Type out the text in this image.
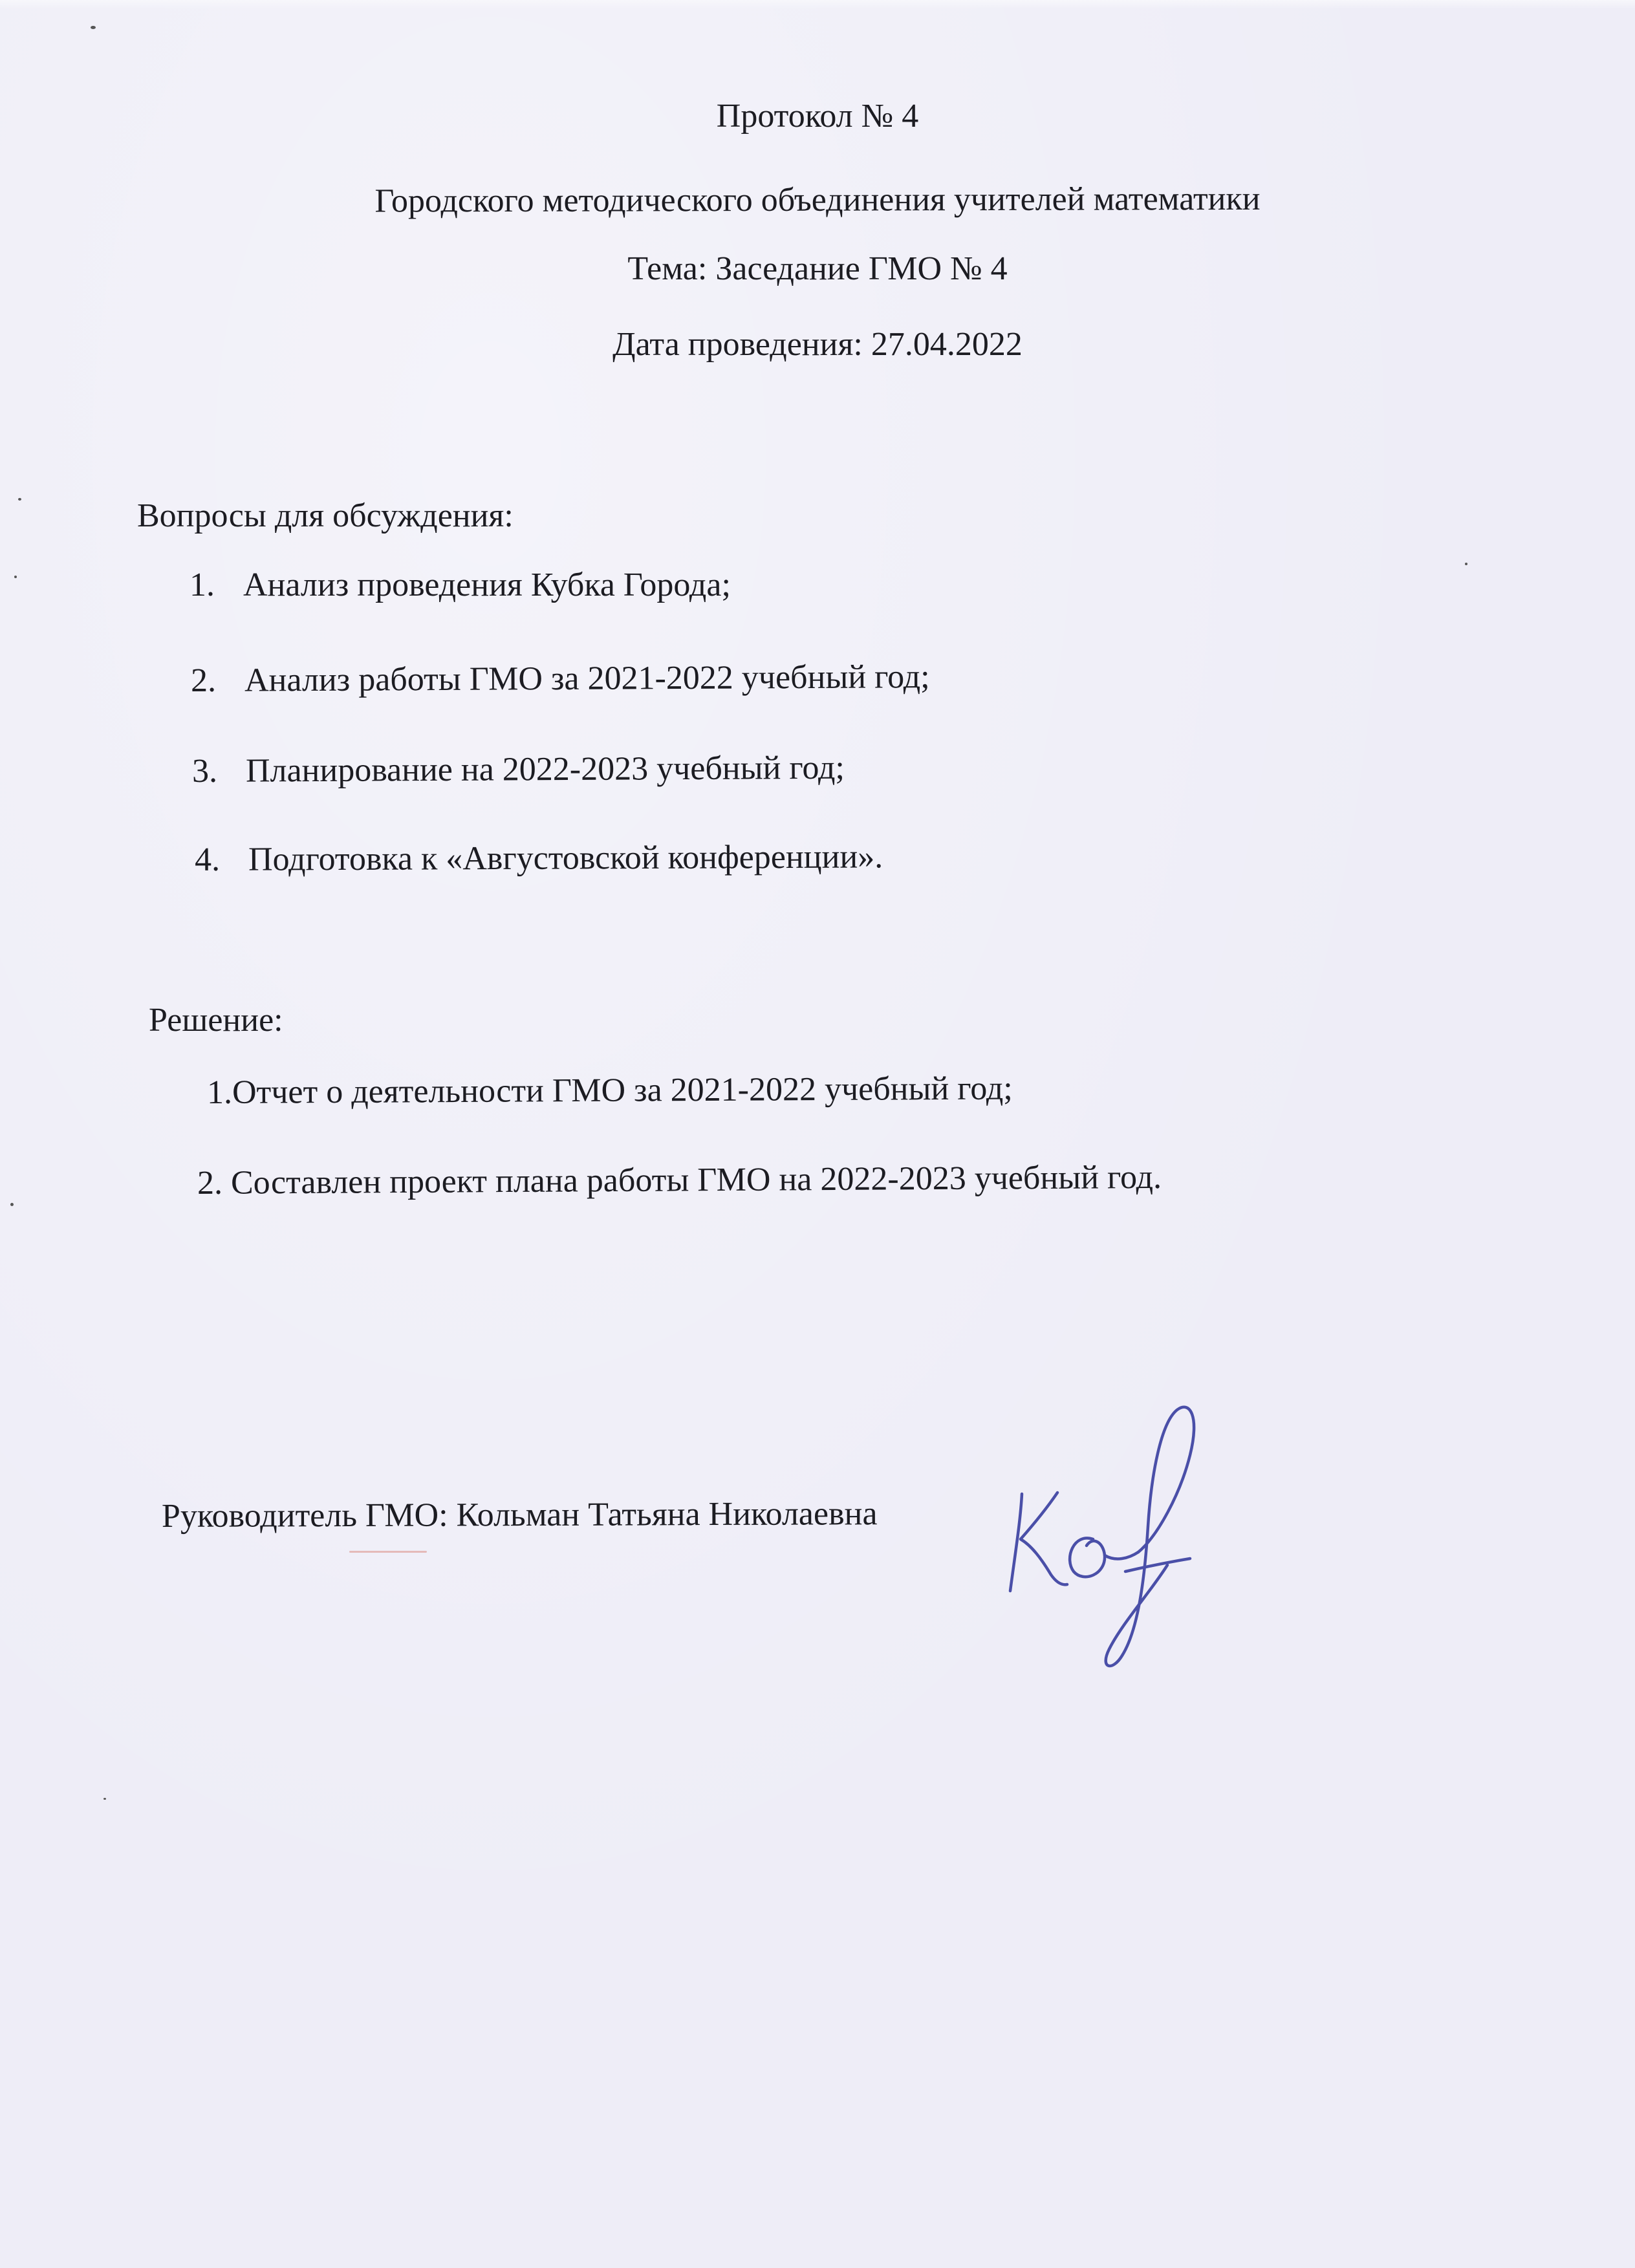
Протокол № 4
Городского методического объединения учителей математики
Тема: Заседание ГМО № 4
Дата проведения: 27.04.2022
Вопросы для обсуждения:
1. Анализ проведения Кубка Города;
2. Анализ работы ГМО за 2021-2022 учебный год;
3. Планирование на 2022-2023 учебный год;
4. Подготовка к «Августовской конференции».
Решение:
1.Отчет о деятельности ГМО за 2021-2022 учебный год;
2. Составлен проект плана работы ГМО на 2022-2023 учебный год.
Руководитель ГМО: Кольман Татьяна Николаевна
